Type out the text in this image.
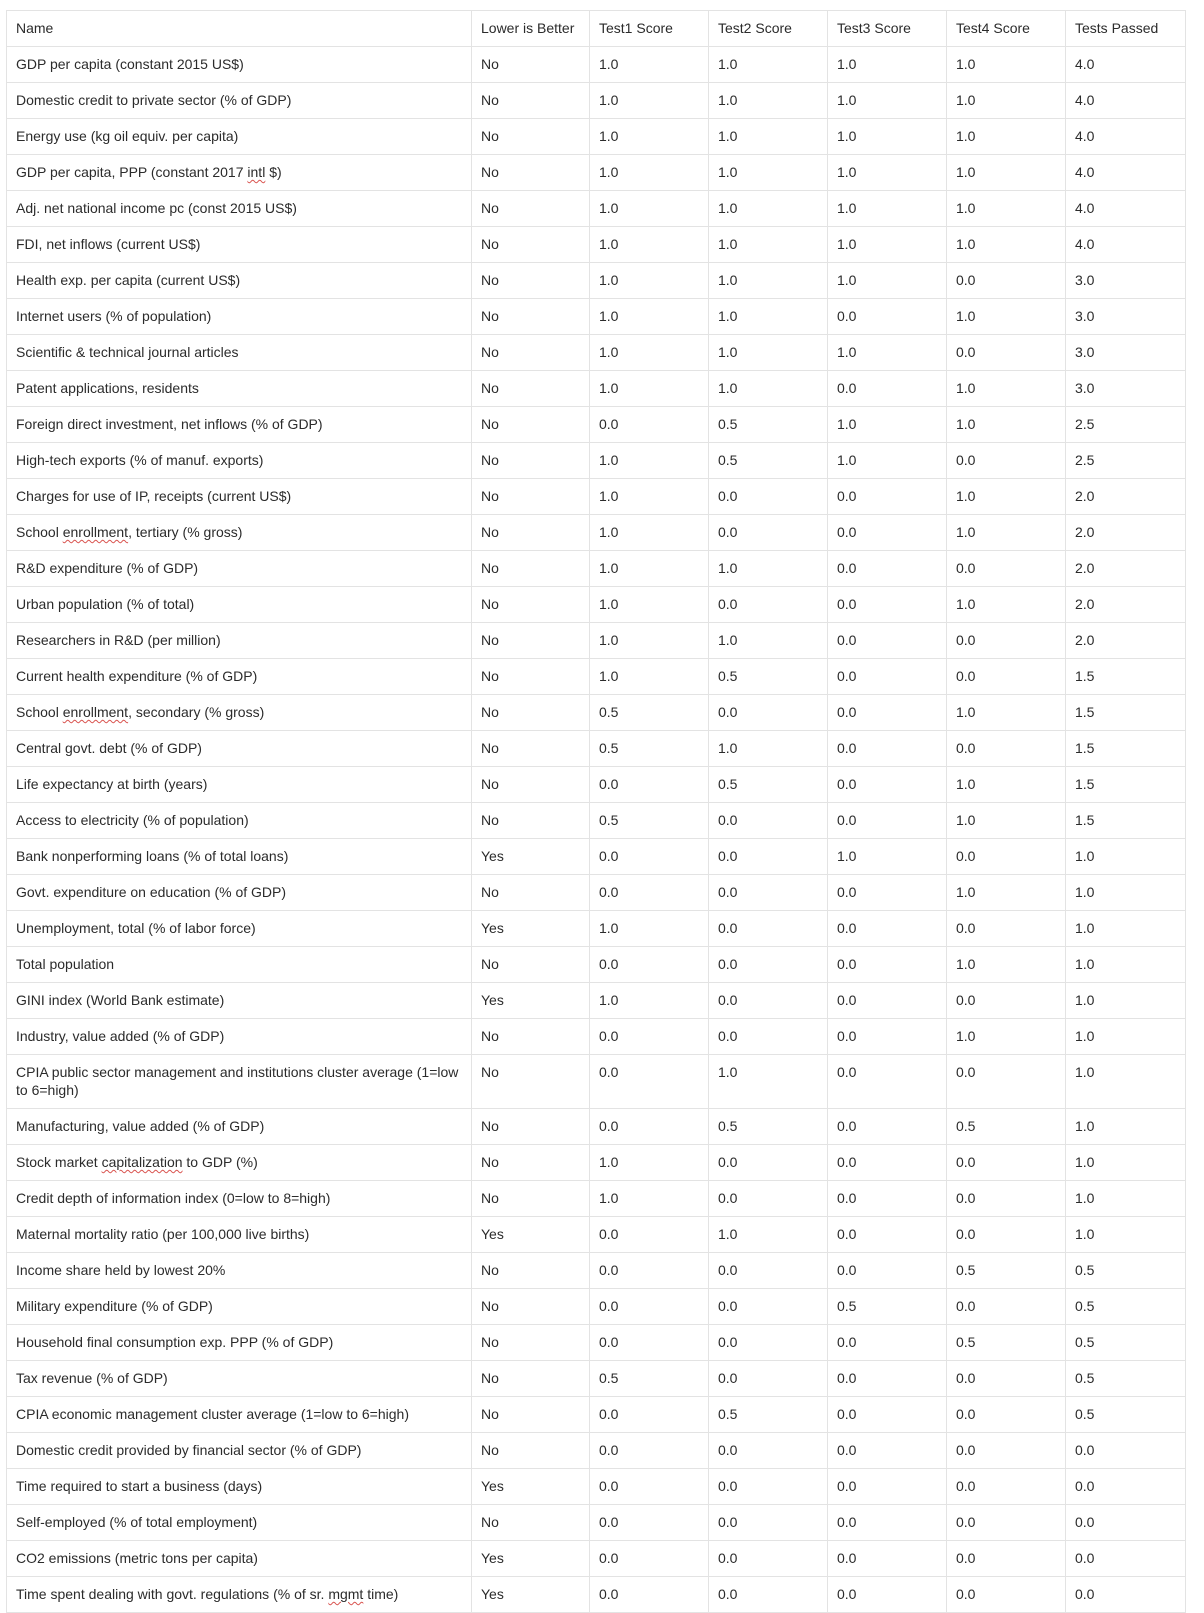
Name	Lower is Better	Test1 Score	Test2 Score	Test3 Score	Test4 Score	Tests Passed
GDP per capita (constant 2015 US$)	No	1.0	1.0	1.0	1.0	4.0
Domestic credit to private sector (% of GDP)	No	1.0	1.0	1.0	1.0	4.0
Energy use (kg oil equiv. per capita)	No	1.0	1.0	1.0	1.0	4.0
GDP per capita, PPP (constant 2017 intl $)	No	1.0	1.0	1.0	1.0	4.0
Adj. net national income pc (const 2015 US$)	No	1.0	1.0	1.0	1.0	4.0
FDI, net inflows (current US$)	No	1.0	1.0	1.0	1.0	4.0
Health exp. per capita (current US$)	No	1.0	1.0	1.0	0.0	3.0
Internet users (% of population)	No	1.0	1.0	0.0	1.0	3.0
Scientific & technical journal articles	No	1.0	1.0	1.0	0.0	3.0
Patent applications, residents	No	1.0	1.0	0.0	1.0	3.0
Foreign direct investment, net inflows (% of GDP)	No	0.0	0.5	1.0	1.0	2.5
High-tech exports (% of manuf. exports)	No	1.0	0.5	1.0	0.0	2.5
Charges for use of IP, receipts (current US$)	No	1.0	0.0	0.0	1.0	2.0
School enrollment, tertiary (% gross)	No	1.0	0.0	0.0	1.0	2.0
R&D expenditure (% of GDP)	No	1.0	1.0	0.0	0.0	2.0
Urban population (% of total)	No	1.0	0.0	0.0	1.0	2.0
Researchers in R&D (per million)	No	1.0	1.0	0.0	0.0	2.0
Current health expenditure (% of GDP)	No	1.0	0.5	0.0	0.0	1.5
School enrollment, secondary (% gross)	No	0.5	0.0	0.0	1.0	1.5
Central govt. debt (% of GDP)	No	0.5	1.0	0.0	0.0	1.5
Life expectancy at birth (years)	No	0.0	0.5	0.0	1.0	1.5
Access to electricity (% of population)	No	0.5	0.0	0.0	1.0	1.5
Bank nonperforming loans (% of total loans)	Yes	0.0	0.0	1.0	0.0	1.0
Govt. expenditure on education (% of GDP)	No	0.0	0.0	0.0	1.0	1.0
Unemployment, total (% of labor force)	Yes	1.0	0.0	0.0	0.0	1.0
Total population	No	0.0	0.0	0.0	1.0	1.0
GINI index (World Bank estimate)	Yes	1.0	0.0	0.0	0.0	1.0
Industry, value added (% of GDP)	No	0.0	0.0	0.0	1.0	1.0
CPIA public sector management and institutions cluster average (1=low to 6=high)	No	0.0	1.0	0.0	0.0	1.0
Manufacturing, value added (% of GDP)	No	0.0	0.5	0.0	0.5	1.0
Stock market capitalization to GDP (%)	No	1.0	0.0	0.0	0.0	1.0
Credit depth of information index (0=low to 8=high)	No	1.0	0.0	0.0	0.0	1.0
Maternal mortality ratio (per 100,000 live births)	Yes	0.0	1.0	0.0	0.0	1.0
Income share held by lowest 20%	No	0.0	0.0	0.0	0.5	0.5
Military expenditure (% of GDP)	No	0.0	0.0	0.5	0.0	0.5
Household final consumption exp. PPP (% of GDP)	No	0.0	0.0	0.0	0.5	0.5
Tax revenue (% of GDP)	No	0.5	0.0	0.0	0.0	0.5
CPIA economic management cluster average (1=low to 6=high)	No	0.0	0.5	0.0	0.0	0.5
Domestic credit provided by financial sector (% of GDP)	No	0.0	0.0	0.0	0.0	0.0
Time required to start a business (days)	Yes	0.0	0.0	0.0	0.0	0.0
Self-employed (% of total employment)	No	0.0	0.0	0.0	0.0	0.0
CO2 emissions (metric tons per capita)	Yes	0.0	0.0	0.0	0.0	0.0
Time spent dealing with govt. regulations (% of sr. mgmt time)	Yes	0.0	0.0	0.0	0.0	0.0
